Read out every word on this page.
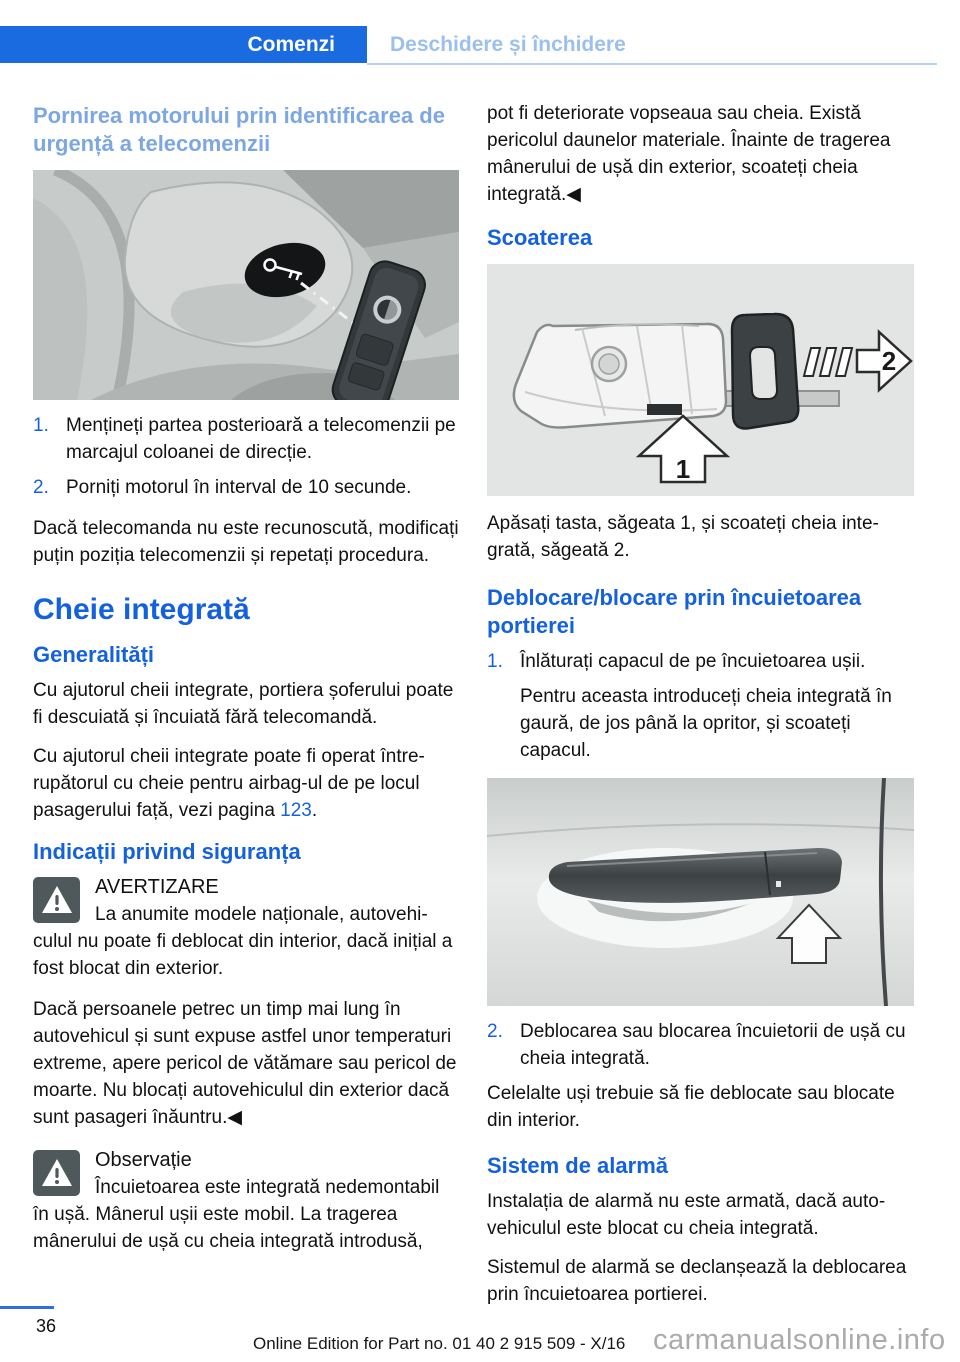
Comenzi	Deschidere și închidere
Pornirea motorului prin identificarea de urgență a telecomenzii
1. Mențineți partea posterioară a telecomenzii pe marcajul coloanei de direcție.
2. Porniți motorul în interval de 10 secunde.

Dacă telecomanda nu este recunoscută, modificați puțin poziția telecomenzii și repetați procedura.

Cheie integrată
Generalități

Cu ajutorul cheii integrate, portiera șoferului poate fi descuiată și încuiată fără telecomandă.

Cu ajutorul cheii integrate poate fi operat întrerupătorul cu cheie pentru airbag-ul de pe locul pasagerului față, vezi pagina 123.

Indicații privind siguranța

AVERTIZARE

La anumite modele naționale, autovehiculul nu poate fi deblocat din interior, dacă inițial a fost blocat din exterior.

Dacă persoanele petrec un timp mai lung în autovehicul și sunt expuse astfel unor temperaturi extreme, apere pericol de vătămare sau pericol de moarte. Nu blocați autovehiculul din exterior dacă sunt pasageri înăuntru.◀

Observație

Încuietoarea este integrată nedemontabil în ușă. Mânerul ușii este mobil. La tragerea mânerului de ușă cu cheia integrată introdusă,

pot fi deteriorate vopseaua sau cheia. Există pericolul daunelor materiale. Înainte de tragerea mânerului de ușă din exterior, scoateți cheia integrată.◀

Scoaterea
1
2

Apăsați tasta, săgeata 1, și scoateți cheia integrată, săgeată 2.

Deblocare/blocare prin încuietoarea portierei
1. Înlăturați capacul de pe încuietoarea ușii.

Pentru aceasta introduceți cheia integrată în gaură, de jos până la opritor, și scoateți capacul.

2. Deblocarea sau blocarea încuietorii de ușă cu cheia integrată.

Celelalte uși trebuie să fie deblocate sau blocate din interior.

Sistem de alarmă

Instalația de alarmă nu este armată, dacă autovehiculul este blocat cu cheia integrată.

Sistemul de alarmă se declanșează la deblocarea prin încuietoarea portierei.

36
Online Edition for Part no. 01 40 2 915 509 - X/16 carmanualsonline.info
